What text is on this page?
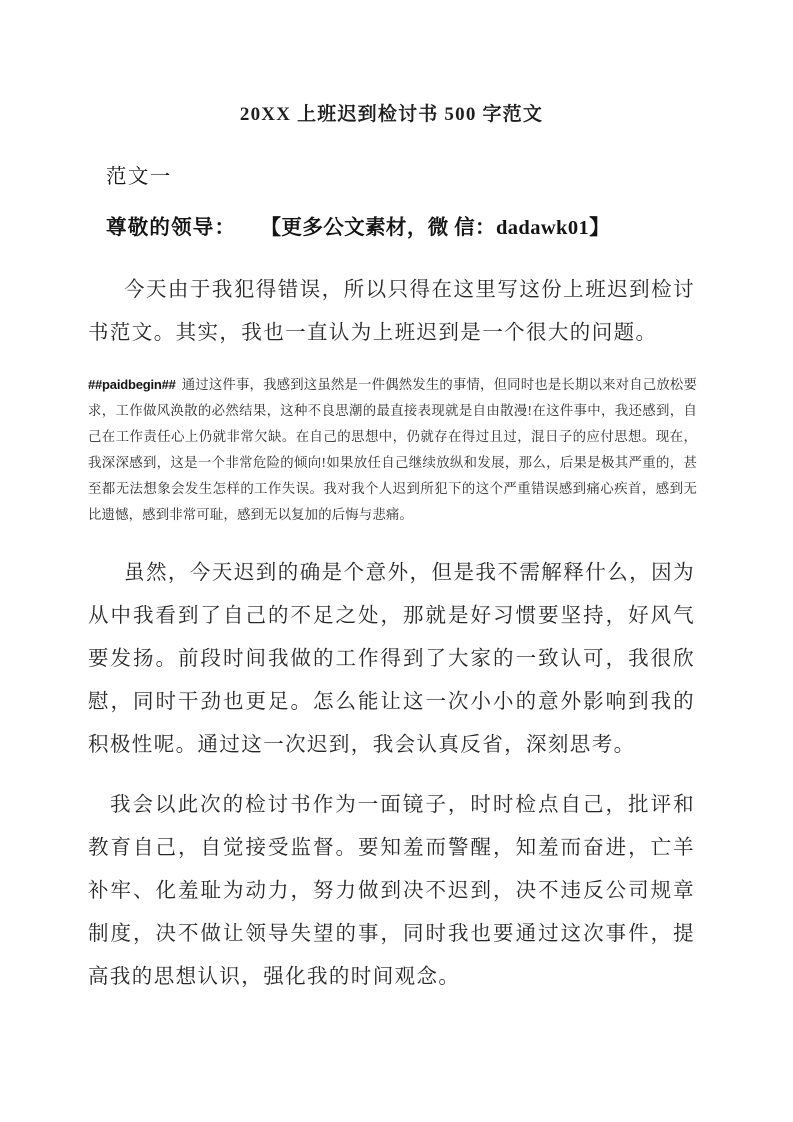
20XX 上班迟到检讨书 500 字范文

范文一

尊敬的领导： 【更多公文素材，微 信：dadawk01】

今天由于我犯得错误，所以只得在这里写这份上班迟到检讨书范文。其实，我也一直认为上班迟到是一个很大的问题。

##paidbegin## 通过这件事，我感到这虽然是一件偶然发生的事情，但同时也是长期以来对自己放松要求，工作做风涣散的必然结果，这种不良思潮的最直接表现就是自由散漫!在这件事中，我还感到，自己在工作责任心上仍就非常欠缺。在自己的思想中，仍就存在得过且过，混日子的应付思想。现在，我深深感到，这是一个非常危险的倾向!如果放任自己继续放纵和发展，那么，后果是极其严重的，甚至都无法想象会发生怎样的工作失误。我对我个人迟到所犯下的这个严重错误感到痛心疾首，感到无比遗憾，感到非常可耻，感到无以复加的后悔与悲痛。

虽然，今天迟到的确是个意外，但是我不需解释什么，因为从中我看到了自己的不足之处，那就是好习惯要坚持，好风气要发扬。前段时间我做的工作得到了大家的一致认可，我很欣慰，同时干劲也更足。怎么能让这一次小小的意外影响到我的积极性呢。通过这一次迟到，我会认真反省，深刻思考。

我会以此次的检讨书作为一面镜子，时时检点自己，批评和教育自己，自觉接受监督。要知羞而警醒，知羞而奋进，亡羊补牢、化羞耻为动力，努力做到决不迟到，决不违反公司规章制度，决不做让领导失望的事，同时我也要通过这次事件，提高我的思想认识，强化我的时间观念。
